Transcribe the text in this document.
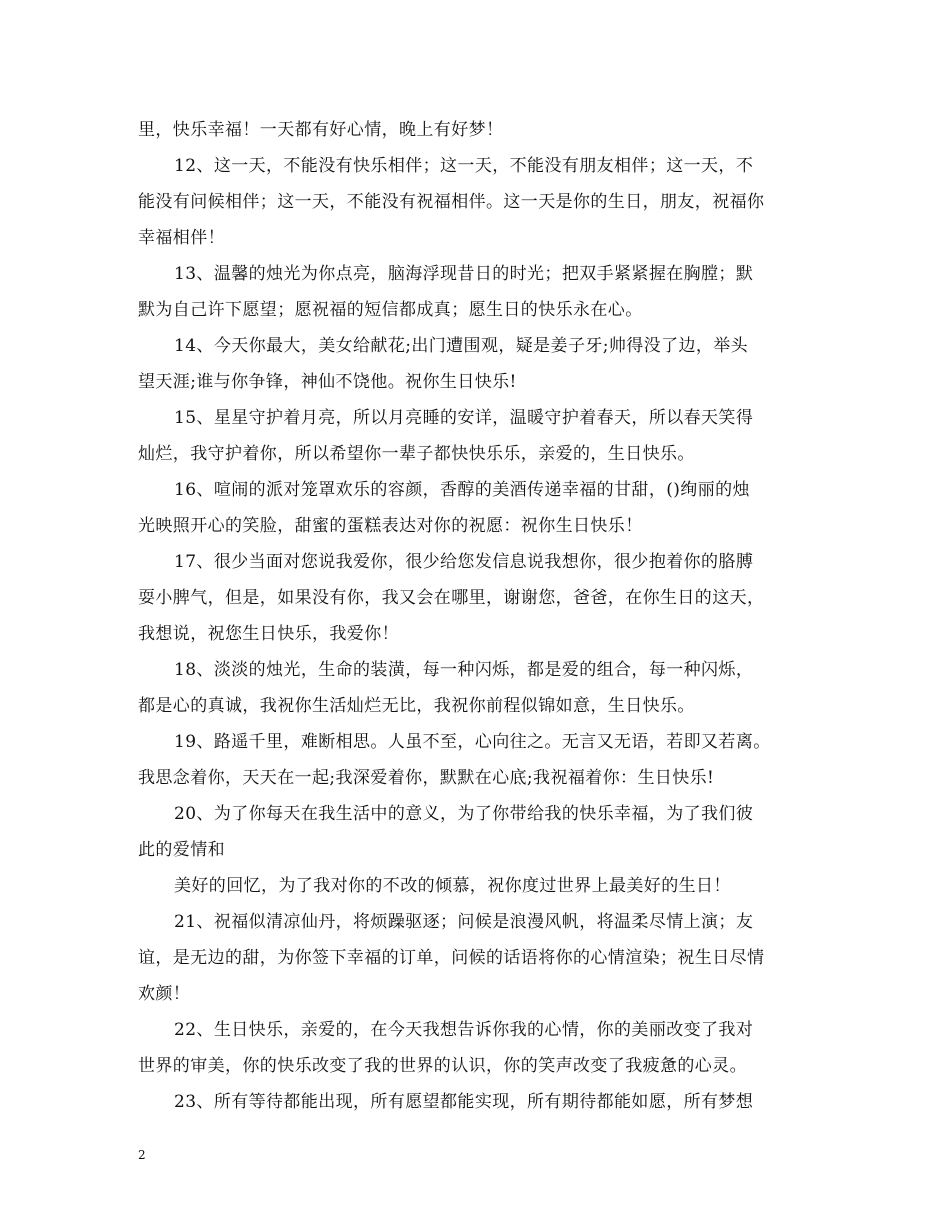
里，快乐幸福！一天都有好心情，晚上有好梦！
12、这一天，不能没有快乐相伴；这一天，不能没有朋友相伴；这一天，不
能没有问候相伴；这一天，不能没有祝福相伴。这一天是你的生日，朋友，祝福你
幸福相伴！
13、温馨的烛光为你点亮，脑海浮现昔日的时光；把双手紧紧握在胸膛；默
默为自己许下愿望；愿祝福的短信都成真；愿生日的快乐永在心。
14、今天你最大，美女给献花;出门遭围观，疑是姜子牙;帅得没了边，举头
望天涯;谁与你争锋，神仙不饶他。祝你生日快乐!
15、星星守护着月亮，所以月亮睡的安详，温暖守护着春天，所以春天笑得
灿烂，我守护着你，所以希望你一辈子都快快乐乐，亲爱的，生日快乐。
16、喧闹的派对笼罩欢乐的容颜，香醇的美酒传递幸福的甘甜，()绚丽的烛
光映照开心的笑脸，甜蜜的蛋糕表达对你的祝愿：祝你生日快乐！
17、很少当面对您说我爱你，很少给您发信息说我想你，很少抱着你的胳膊
耍小脾气，但是，如果没有你，我又会在哪里，谢谢您，爸爸，在你生日的这天，
我想说，祝您生日快乐，我爱你！
18、淡淡的烛光，生命的装潢，每一种闪烁，都是爱的组合，每一种闪烁，
都是心的真诚，我祝你生活灿烂无比，我祝你前程似锦如意，生日快乐。
19、路遥千里，难断相思。人虽不至，心向往之。无言又无语，若即又若离。
我思念着你，天天在一起;我深爱着你，默默在心底;我祝福着你：生日快乐!
20、为了你每天在我生活中的意义，为了你带给我的快乐幸福，为了我们彼
此的爱情和
美好的回忆，为了我对你的不改的倾慕，祝你度过世界上最美好的生日！
21、祝福似清凉仙丹，将烦躁驱逐；问候是浪漫风帆，将温柔尽情上演；友
谊，是无边的甜，为你签下幸福的订单，问候的话语将你的心情渲染；祝生日尽情
欢颜！
22、生日快乐，亲爱的，在今天我想告诉你我的心情，你的美丽改变了我对
世界的审美，你的快乐改变了我的世界的认识，你的笑声改变了我疲惫的心灵。
23、所有等待都能出现，所有愿望都能实现，所有期待都能如愿，所有梦想
2
